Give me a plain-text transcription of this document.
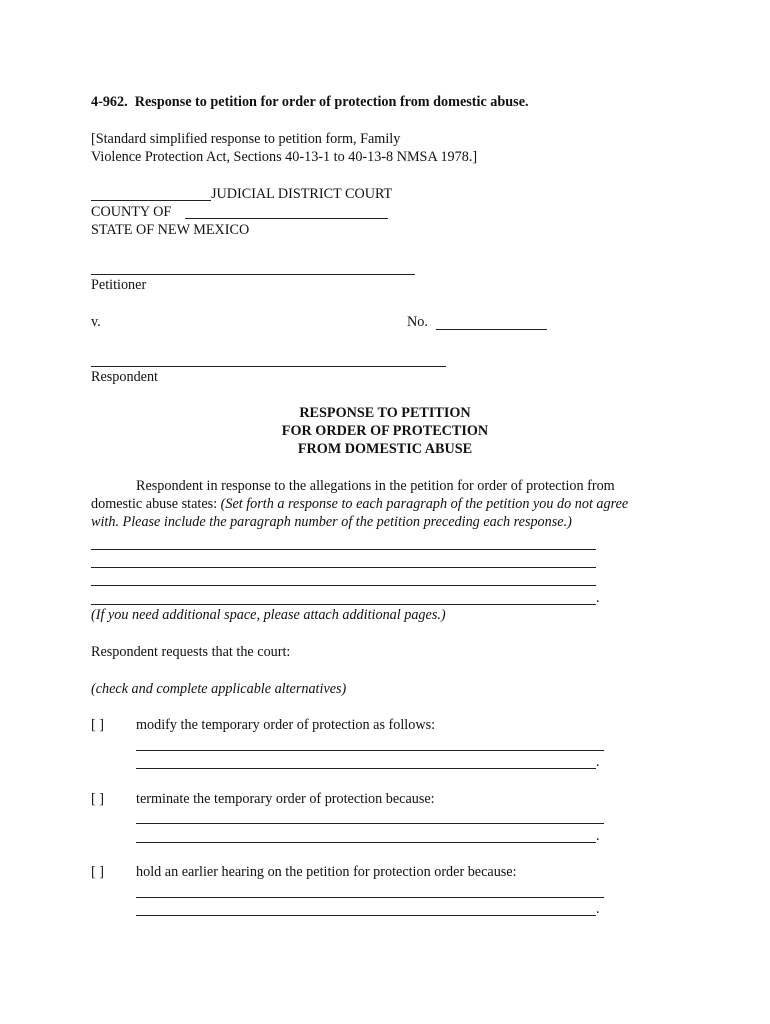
4-962. Response to petition for order of protection from domestic abuse.
[Standard simplified response to petition form, Family
Violence Protection Act, Sections 40-13-1 to 40-13-8 NMSA 1978.]
JUDICIAL DISTRICT COURT
COUNTY OF
STATE OF NEW MEXICO
Petitioner
v.	No.
Respondent
RESPONSE TO PETITION
FOR ORDER OF PROTECTION
FROM DOMESTIC ABUSE
Respondent in response to the allegations in the petition for order of protection from
domestic abuse states: (Set forth a response to each paragraph of the petition you do not agree
with. Please include the paragraph number of the petition preceding each response.)
.
(If you need additional space, please attach additional pages.)
Respondent requests that the court:
(check and complete applicable alternatives)
[ ] modify the temporary order of protection as follows:
.
[ ] terminate the temporary order of protection because:
.
[ ] hold an earlier hearing on the petition for protection order because:
.
